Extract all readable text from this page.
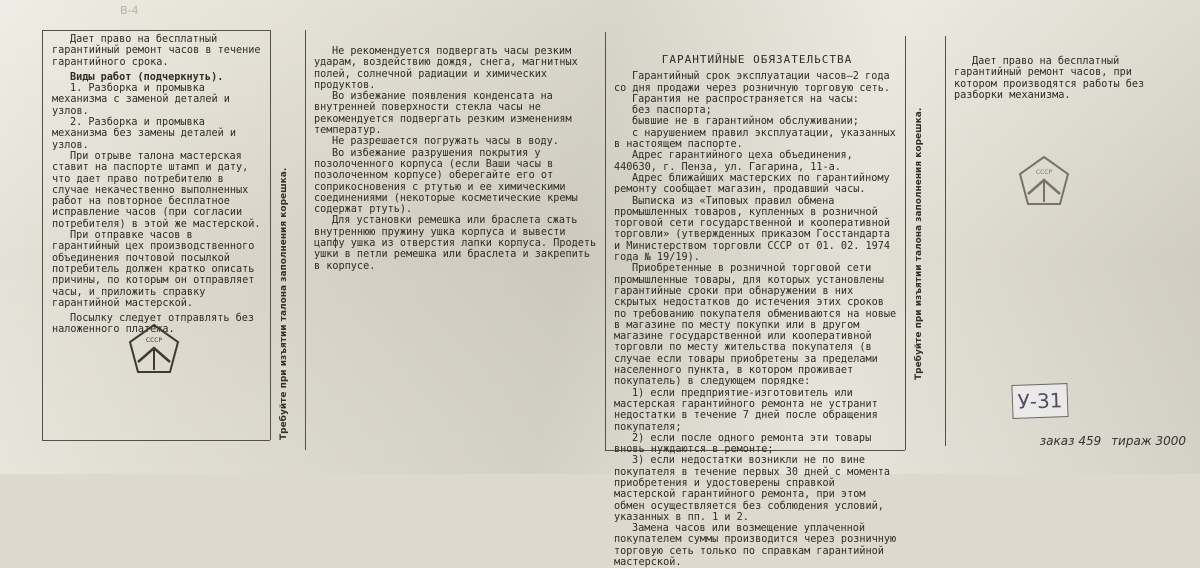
В-4

Дает право на бесплатный гарантийный ремонт часов в течение гарантийного срока.

Виды работ (подчеркнуть).

1. Разборка и промывка механизма с заменой деталей и узлов.

2. Разборка и промывка механизма без замены деталей и узлов.

При отрыве талона мастерская ставит на паспорте штамп и дату, что дает право потребителю в случае некачественно выполненных работ на повторное бесплатное исправление часов (при согласии потребителя) в этой же мастерской.

При отправке часов в гарантийный цех производственного объединения почтовой посылкой потребитель должен кратко описать причины, по которым он отправляет часы, и приложить справку гарантийной мастерской.

Посылку следует отправлять без наложенного платежа.

СССР	Требуйте при изъятии талона заполнения корешка.

Не рекомендуется подвергать часы резким ударам, воздействию дождя, снега, магнитных полей, солнечной радиации и химических продуктов.

Во избежание появления конденсата на внутренней поверхности стекла часы не рекомендуется подвергать резким изменениям температур.

Не разрешается погружать часы в воду.

Во избежание разрушения покрытия у позолоченного корпуса (если Ваши часы в позолоченном корпусе) оберегайте его от соприкосновения с ртутью и ее химическими соединениями (некоторые косметические кремы содержат ртуть).

Для установки ремешка или браслета сжать внутреннюю пружину ушка корпуса и вывести цапфу ушка из отверстия лапки корпуса. Продеть ушки в петли ремешка или браслета и закрепить в корпусе.

ГАРАНТИЙНЫЕ ОБЯЗАТЕЛЬСТВА

Гарантийный срок эксплуатации часов—2 года со дня продажи через розничную торговую сеть.

Гарантия не распространяется на часы:

без паспорта;

бывшие не в гарантийном обслуживании;

с нарушением правил эксплуатации, указанных в настоящем паспорте.

Адрес гарантийного цеха объединения, 440630, г. Пенза, ул. Гагарина, 11-а.

Адрес ближайших мастерских по гарантийному ремонту сообщает магазин, продавший часы.

Выписка из «Типовых правил обмена промышленных товаров, купленных в розничной торговой сети государственной и кооперативной торговли» (утвержденных приказом Госстандарта и Министерством торговли СССР от 01. 02. 1974 года № 19/19).

Приобретенные в розничной торговой сети промышленные товары, для которых установлены гарантийные сроки при обнаружении в них скрытых недостатков до истечения этих сроков по требованию покупателя обмениваются на новые в магазине по месту покупки или в другом магазине государственной или кооперативной торговли по месту жительства покупателя (в случае если товары приобретены за пределами населенного пункта, в котором проживает покупатель) в следующем порядке:

1) если предприятие-изготовитель или мастерская гарантийного ремонта не устранит недостатки в течение 7 дней после обращения покупателя;

2) если после одного ремонта эти товары вновь нуждаются в ремонте;

3) если недостатки возникли не по вине покупателя в течение первых 30 дней с момента приобретения и удостоверены справкой мастерской гарантийного ремонта, при этом обмен осуществляется без соблюдения условий, указанных в пп. 1 и 2.

Замена часов или возмещение уплаченной покупателем суммы производится через розничную торговую сеть только по справкам гарантийной мастерской.

Требуйте при изъятии талона заполнения корешка.

Дает право на бесплатный гарантийный ремонт часов, при котором производятся работы без разборки механизма.

СССР
У-31
заказ 459 тираж 3000
